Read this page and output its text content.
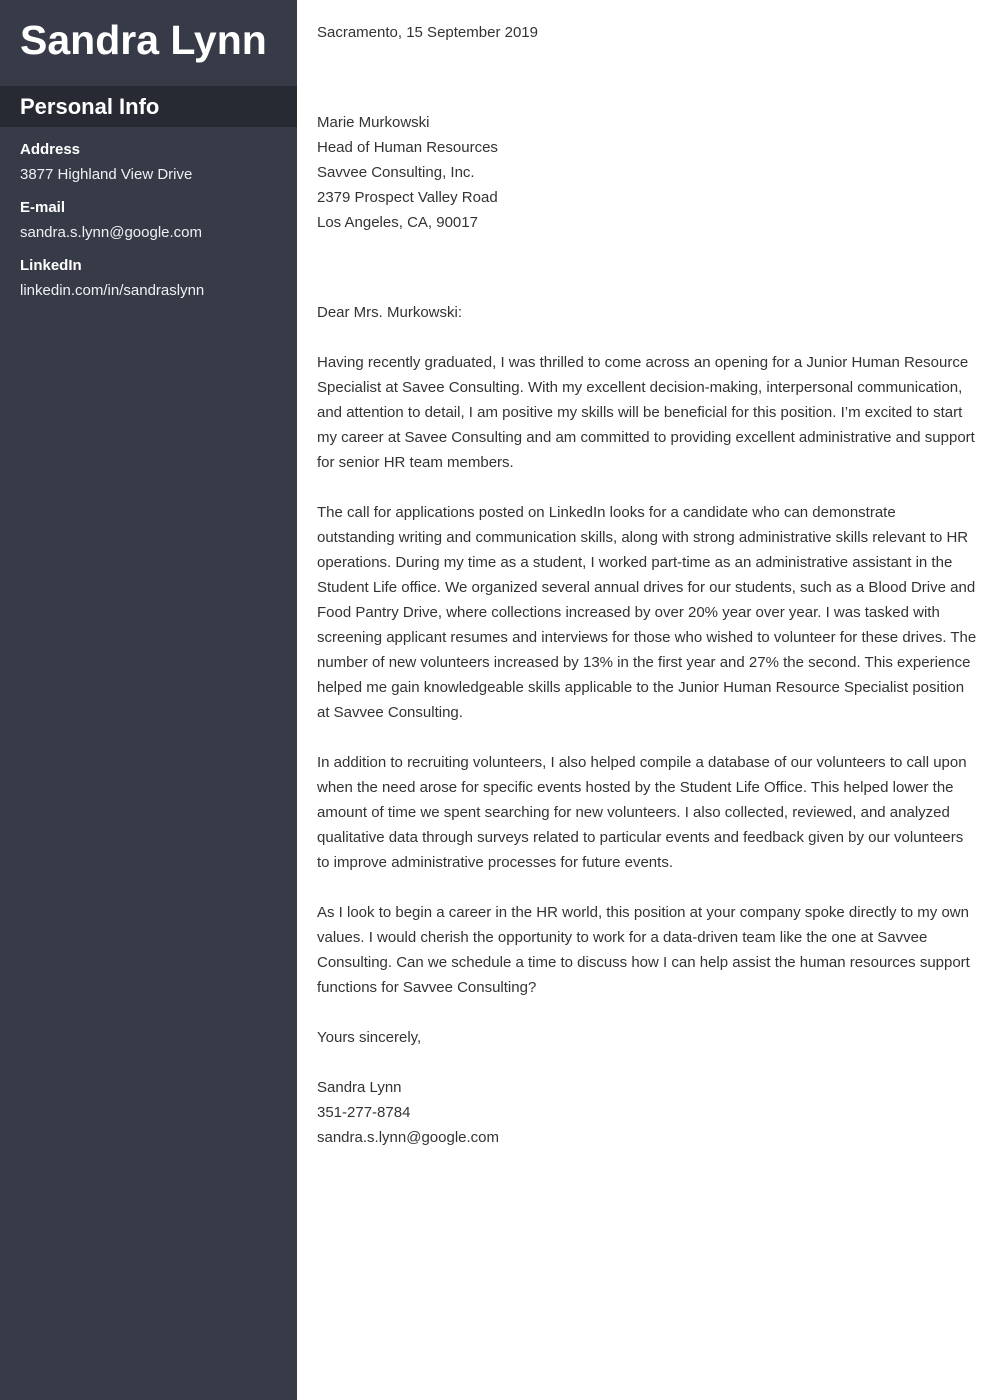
Sandra Lynn
Personal Info
Address
3877 Highland View Drive
E-mail
sandra.s.lynn@google.com
LinkedIn
linkedin.com/in/sandraslynn

Sacramento, 15 September 2019

Marie Murkowski
Head of Human Resources
Savvee Consulting, Inc.
2379 Prospect Valley Road
Los Angeles, CA, 90017
Dear Mrs. Murkowski:
Having recently graduated, I was thrilled to come across an opening for a Junior Human Resource Specialist at Savee Consulting. With my excellent decision-making, interpersonal communication, and attention to detail, I am positive my skills will be beneficial for this position. I’m excited to start my career at Savee Consulting and am committed to providing excellent administrative and support for senior HR team members.
The call for applications posted on LinkedIn looks for a candidate who can demonstrate outstanding writing and communication skills, along with strong administrative skills relevant to HR operations. During my time as a student, I worked part-time as an administrative assistant in the Student Life office. We organized several annual drives for our students, such as a Blood Drive and Food Pantry Drive, where collections increased by over 20% year over year. I was tasked with screening applicant resumes and interviews for those who wished to volunteer for these drives. The number of new volunteers increased by 13% in the first year and 27% the second. This experience helped me gain knowledgeable skills applicable to the Junior Human Resource Specialist position at Savvee Consulting.
In addition to recruiting volunteers, I also helped compile a database of our volunteers to call upon when the need arose for specific events hosted by the Student Life Office. This helped lower the amount of time we spent searching for new volunteers. I also collected, reviewed, and analyzed qualitative data through surveys related to particular events and feedback given by our volunteers to improve administrative processes for future events.
As I look to begin a career in the HR world, this position at your company spoke directly to my own values. I would cherish the opportunity to work for a data-driven team like the one at Savvee Consulting. Can we schedule a time to discuss how I can help assist the human resources support functions for Savvee Consulting?
Yours sincerely,
Sandra Lynn
351-277-8784
sandra.s.lynn@google.com
